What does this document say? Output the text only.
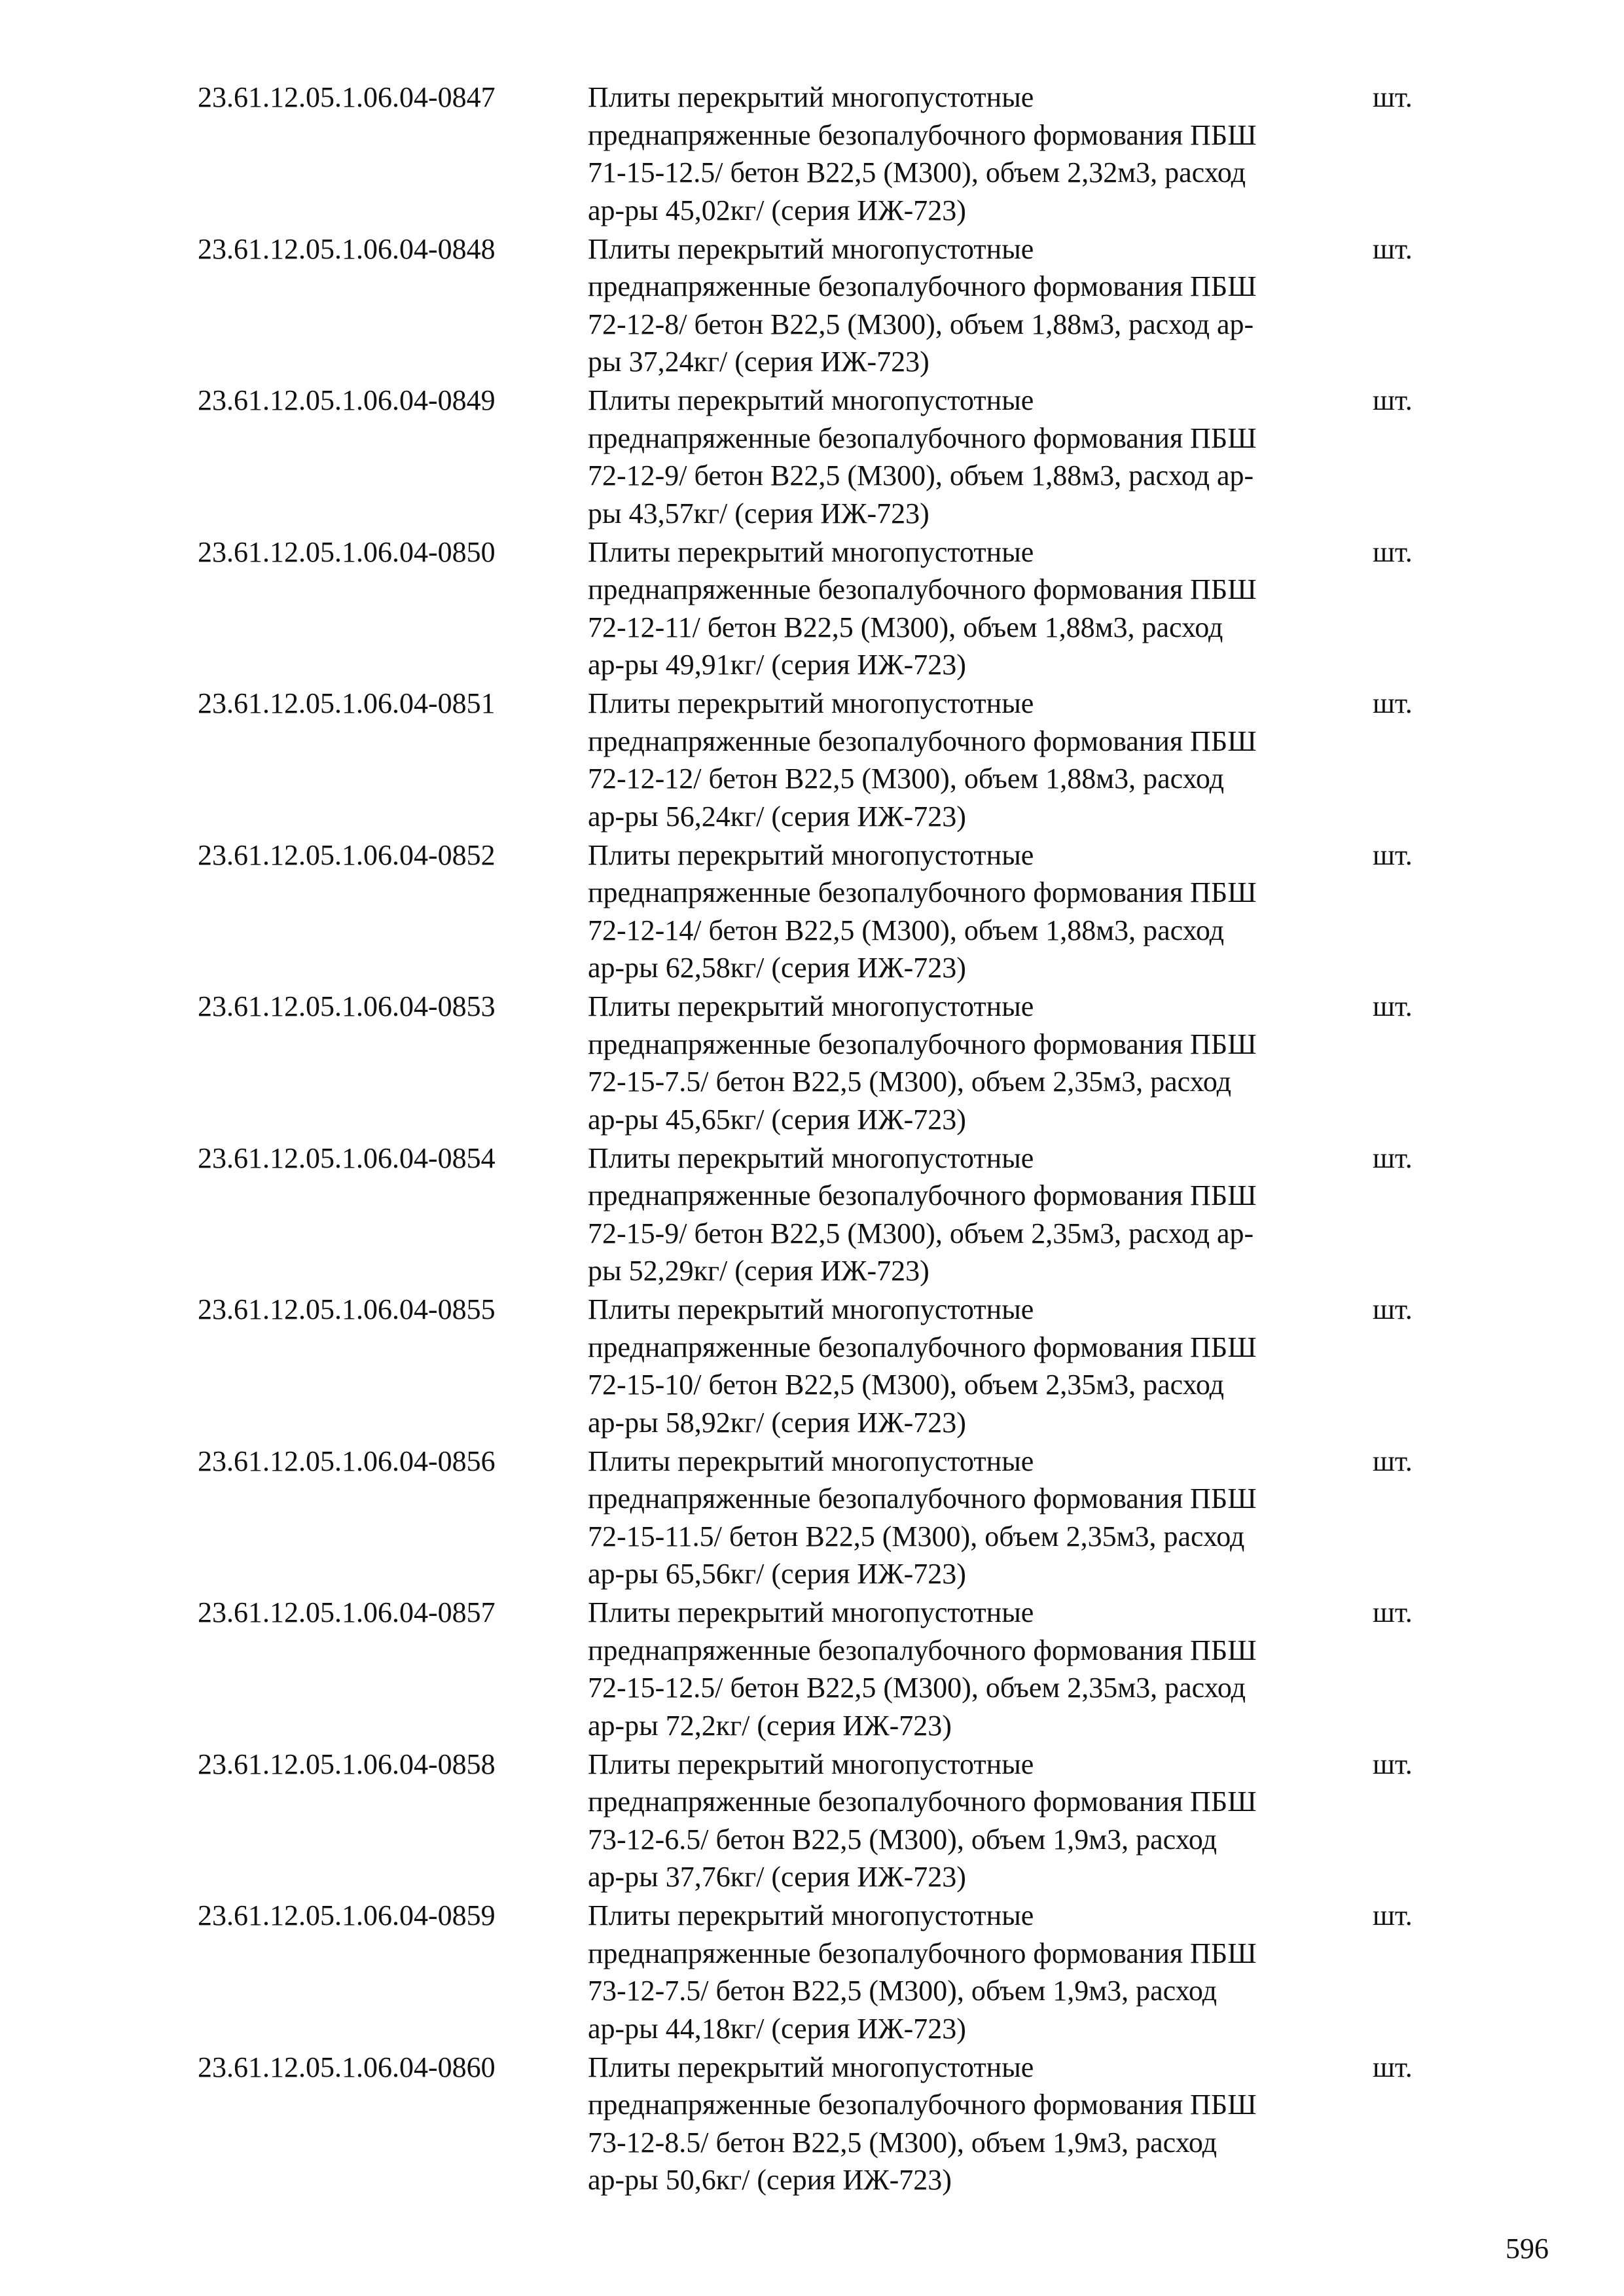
23.61.12.05.1.06.04-0847	Плиты перекрытий многопустотные
преднапряженные безопалубочного формования ПБШ
71-15-12.5/ бетон В22,5 (М300), объем 2,32м3, расход
ар-ры 45,02кг/ (серия ИЖ-723)
шт.
23.61.12.05.1.06.04-0848	Плиты перекрытий многопустотные
преднапряженные безопалубочного формования ПБШ
72-12-8/ бетон В22,5 (М300), объем 1,88м3, расход ар-
ры 37,24кг/ (серия ИЖ-723)
шт.
23.61.12.05.1.06.04-0849	Плиты перекрытий многопустотные
преднапряженные безопалубочного формования ПБШ
72-12-9/ бетон В22,5 (М300), объем 1,88м3, расход ар-
ры 43,57кг/ (серия ИЖ-723)
шт.
23.61.12.05.1.06.04-0850	Плиты перекрытий многопустотные
преднапряженные безопалубочного формования ПБШ
72-12-11/ бетон В22,5 (М300), объем 1,88м3, расход
ар-ры 49,91кг/ (серия ИЖ-723)
шт.
23.61.12.05.1.06.04-0851	Плиты перекрытий многопустотные
преднапряженные безопалубочного формования ПБШ
72-12-12/ бетон В22,5 (М300), объем 1,88м3, расход
ар-ры 56,24кг/ (серия ИЖ-723)
шт.
23.61.12.05.1.06.04-0852	Плиты перекрытий многопустотные
преднапряженные безопалубочного формования ПБШ
72-12-14/ бетон В22,5 (М300), объем 1,88м3, расход
ар-ры 62,58кг/ (серия ИЖ-723)
шт.
23.61.12.05.1.06.04-0853	Плиты перекрытий многопустотные
преднапряженные безопалубочного формования ПБШ
72-15-7.5/ бетон В22,5 (М300), объем 2,35м3, расход
ар-ры 45,65кг/ (серия ИЖ-723)
шт.
23.61.12.05.1.06.04-0854	Плиты перекрытий многопустотные
преднапряженные безопалубочного формования ПБШ
72-15-9/ бетон В22,5 (М300), объем 2,35м3, расход ар-
ры 52,29кг/ (серия ИЖ-723)
шт.
23.61.12.05.1.06.04-0855	Плиты перекрытий многопустотные
преднапряженные безопалубочного формования ПБШ
72-15-10/ бетон В22,5 (М300), объем 2,35м3, расход
ар-ры 58,92кг/ (серия ИЖ-723)
шт.
23.61.12.05.1.06.04-0856	Плиты перекрытий многопустотные
преднапряженные безопалубочного формования ПБШ
72-15-11.5/ бетон В22,5 (М300), объем 2,35м3, расход
ар-ры 65,56кг/ (серия ИЖ-723)
шт.
23.61.12.05.1.06.04-0857	Плиты перекрытий многопустотные
преднапряженные безопалубочного формования ПБШ
72-15-12.5/ бетон В22,5 (М300), объем 2,35м3, расход
ар-ры 72,2кг/ (серия ИЖ-723)
шт.
23.61.12.05.1.06.04-0858	Плиты перекрытий многопустотные
преднапряженные безопалубочного формования ПБШ
73-12-6.5/ бетон В22,5 (М300), объем 1,9м3, расход
ар-ры 37,76кг/ (серия ИЖ-723)
шт.
23.61.12.05.1.06.04-0859	Плиты перекрытий многопустотные
преднапряженные безопалубочного формования ПБШ
73-12-7.5/ бетон В22,5 (М300), объем 1,9м3, расход
ар-ры 44,18кг/ (серия ИЖ-723)
шт.
23.61.12.05.1.06.04-0860	Плиты перекрытий многопустотные
преднапряженные безопалубочного формования ПБШ
73-12-8.5/ бетон В22,5 (М300), объем 1,9м3, расход
ар-ры 50,6кг/ (серия ИЖ-723)
шт.
596
